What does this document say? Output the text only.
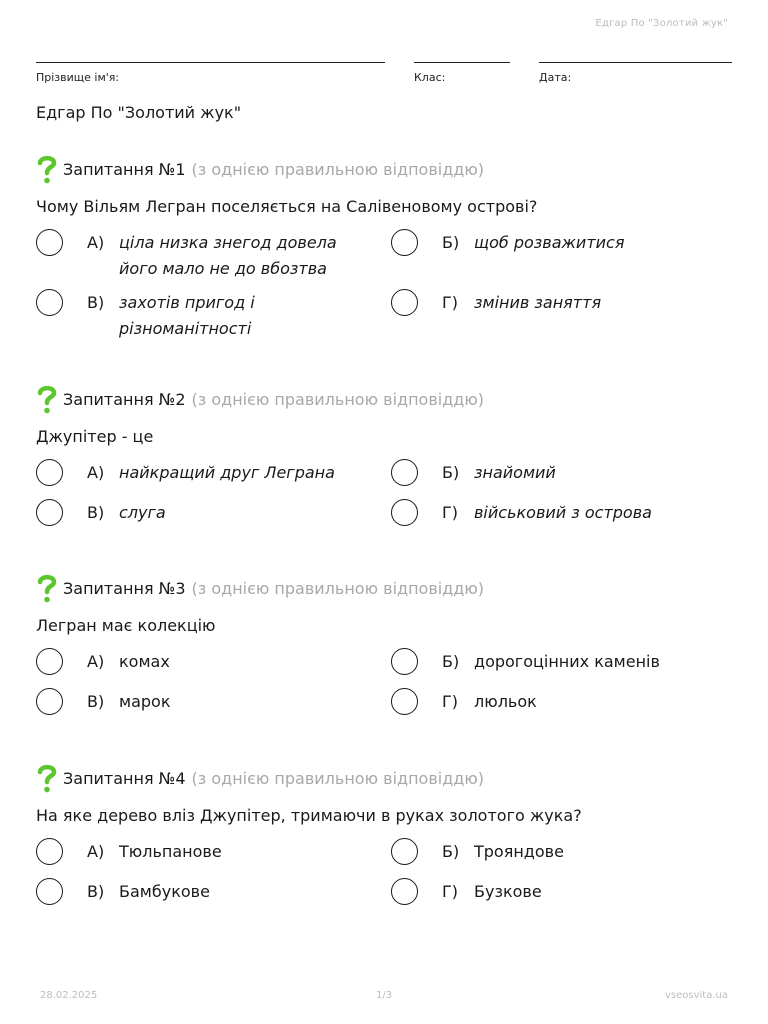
Едгар По "Золотий жук"
Прізвище ім'я:	Клас:	Дата:
Едгар По "Золотий жук"
Запитання №1 (з однією правильною відповіддю)
Чому Вільям Легран поселяється на Салівеновому острові?
А) ціла низка знегод довела його мало не до вбозтва
Б) щоб розважитися
В) захотів пригод і різноманітності
Г)	змінив заняття
Запитання №2 (з однією правильною відповіддю)
Джупітер - це
А) найкращий друг Леграна	Б) знайомий
В) слуга	Г)	військовий з острова
Запитання №3 (з однією правильною відповіддю)
Легран має колекцію
А) комах	Б) дорогоцінних каменів
В) марок	Г)	люльок
Запитання №4 (з однією правильною відповіддю)
На яке дерево вліз Джупітер, тримаючи в руках золотого жука?
А) Тюльпанове	Б) Трояндове
В) Бамбукове	Г)	Бузкове
28.02.2025	1/3	vseosvita.ua
